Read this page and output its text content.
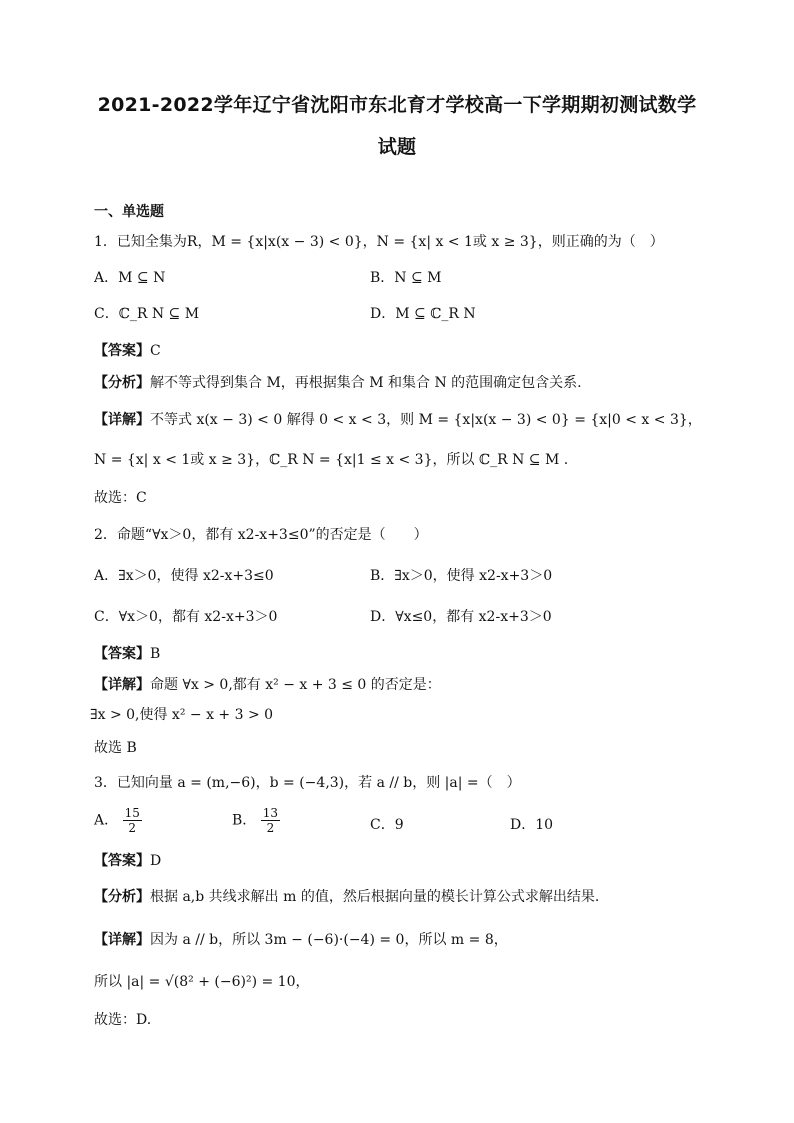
2021-2022学年辽宁省沈阳市东北育才学校高一下学期期初测试数学
试题
一、单选题
1．已知全集为R，M = {x|x(x − 3) < 0}，N = {x| x < 1或 x ≥ 3}，则正确的为（　）
A．M ⊆ N	B．N ⊆ M
C．ℂ_R N ⊆ M	D．M ⊆ ℂ_R N
【答案】C
【分析】解不等式得到集合 M，再根据集合 M 和集合 N 的范围确定包含关系.
【详解】不等式 x(x − 3) < 0 解得 0 < x < 3，则 M = {x|x(x − 3) < 0} = {x|0 < x < 3}，
N = {x| x < 1或 x ≥ 3}，ℂ_R N = {x|1 ≤ x < 3}，所以 ℂ_R N ⊆ M .
故选：C
2．命题“∀x＞0，都有 x2-x+3≤0”的否定是（　　）
A．∃x＞0，使得 x2-x+3≤0	B．∃x＞0，使得 x2-x+3＞0
C．∀x＞0，都有 x2-x+3＞0	D．∀x≤0，都有 x2-x+3＞0
【答案】B
【详解】命题 ∀x > 0,都有 x² − x + 3 ≤ 0 的否定是：
∃x > 0,使得 x² − x + 3 > 0
故选 B
3．已知向量 a = (m,−6)，b = (−4,3)，若 a // b，则 |a| =（　）
A． $\frac{15}{2}$	B． $\frac{13}{2}$	C．9	D．10
【答案】D
【分析】根据 a,b 共线求解出 m 的值，然后根据向量的模长计算公式求解出结果.
【详解】因为 a // b，所以 3m − (−6)·(−4) = 0，所以 m = 8，
所以 |a| = √(8² + (−6)²) = 10，
故选：D.
